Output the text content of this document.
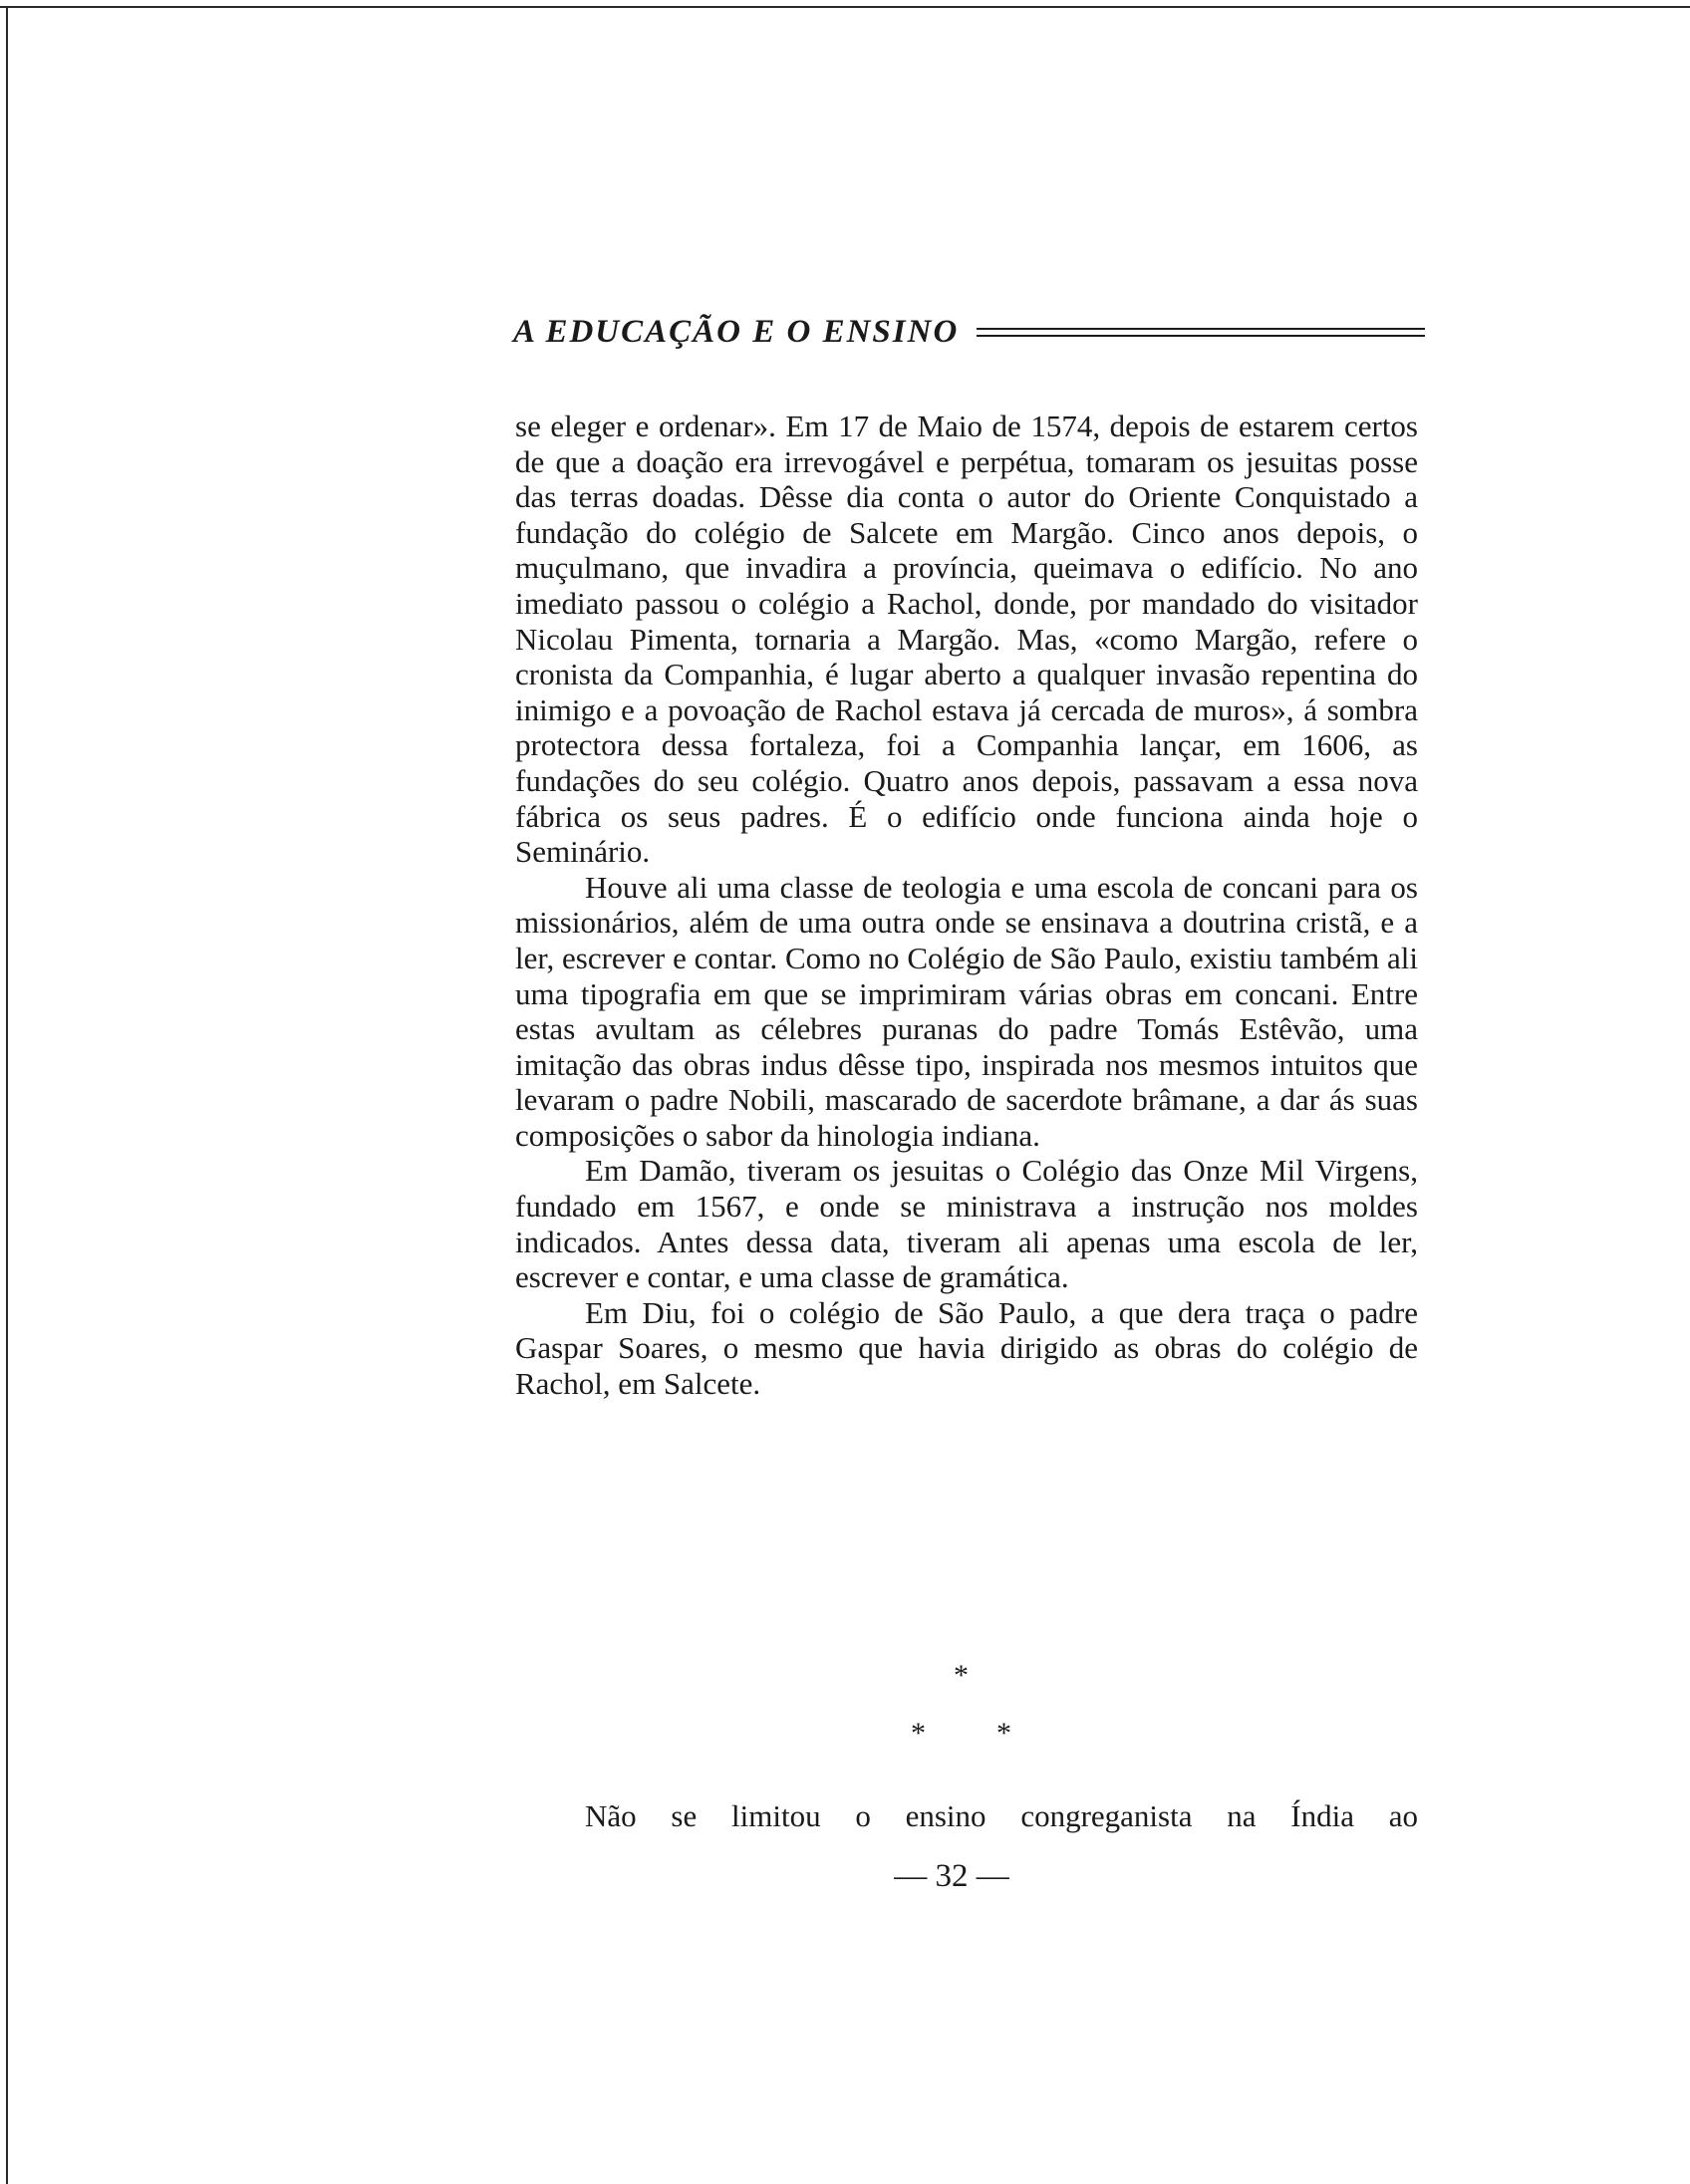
A EDUCAÇÃO E O ENSINO

se eleger e ordenar». Em 17 de Maio de 1574, depois de estarem certos de que a doação era irrevogável e perpétua, tomaram os jesuitas posse das terras doadas. Dêsse dia conta o autor do Oriente Conquistado a fundação do colégio de Salcete em Margão. Cinco anos depois, o muçulmano, que invadira a província, queimava o edifício. No ano imediato passou o colégio a Rachol, donde, por mandado do visitador Nicolau Pimenta, tornaria a Margão. Mas, «como Margão, refere o cronista da Companhia, é lugar aberto a qualquer invasão repentina do inimigo e a povoação de Rachol estava já cercada de muros», á sombra protectora dessa fortaleza, foi a Companhia lançar, em 1606, as fundações do seu colégio. Quatro anos depois, passavam a essa nova fábrica os seus padres. É o edifício onde funciona ainda hoje o Seminário.

Houve ali uma classe de teologia e uma escola de concani para os missionários, além de uma outra onde se ensinava a doutrina cristã, e a ler, escrever e contar. Como no Colégio de São Paulo, existiu também ali uma tipografia em que se imprimiram várias obras em concani. Entre estas avultam as célebres puranas do padre Tomás Estêvão, uma imitação das obras indus dêsse tipo, inspirada nos mesmos intuitos que levaram o padre Nobili, mascarado de sacerdote brâmane, a dar ás suas composições o sabor da hinologia indiana.

Em Damão, tiveram os jesuitas o Colégio das Onze Mil Virgens, fundado em 1567, e onde se ministrava a instrução nos moldes indicados. Antes dessa data, tiveram ali apenas uma escola de ler, escrever e contar, e uma classe de gramática.

Em Diu, foi o colégio de São Paulo, a que dera traça o padre Gaspar Soares, o mesmo que havia dirigido as obras do colégio de Rachol, em Salcete.

*
* *
Não se limitou o ensino congreganista na Índia ao
— 32 —
